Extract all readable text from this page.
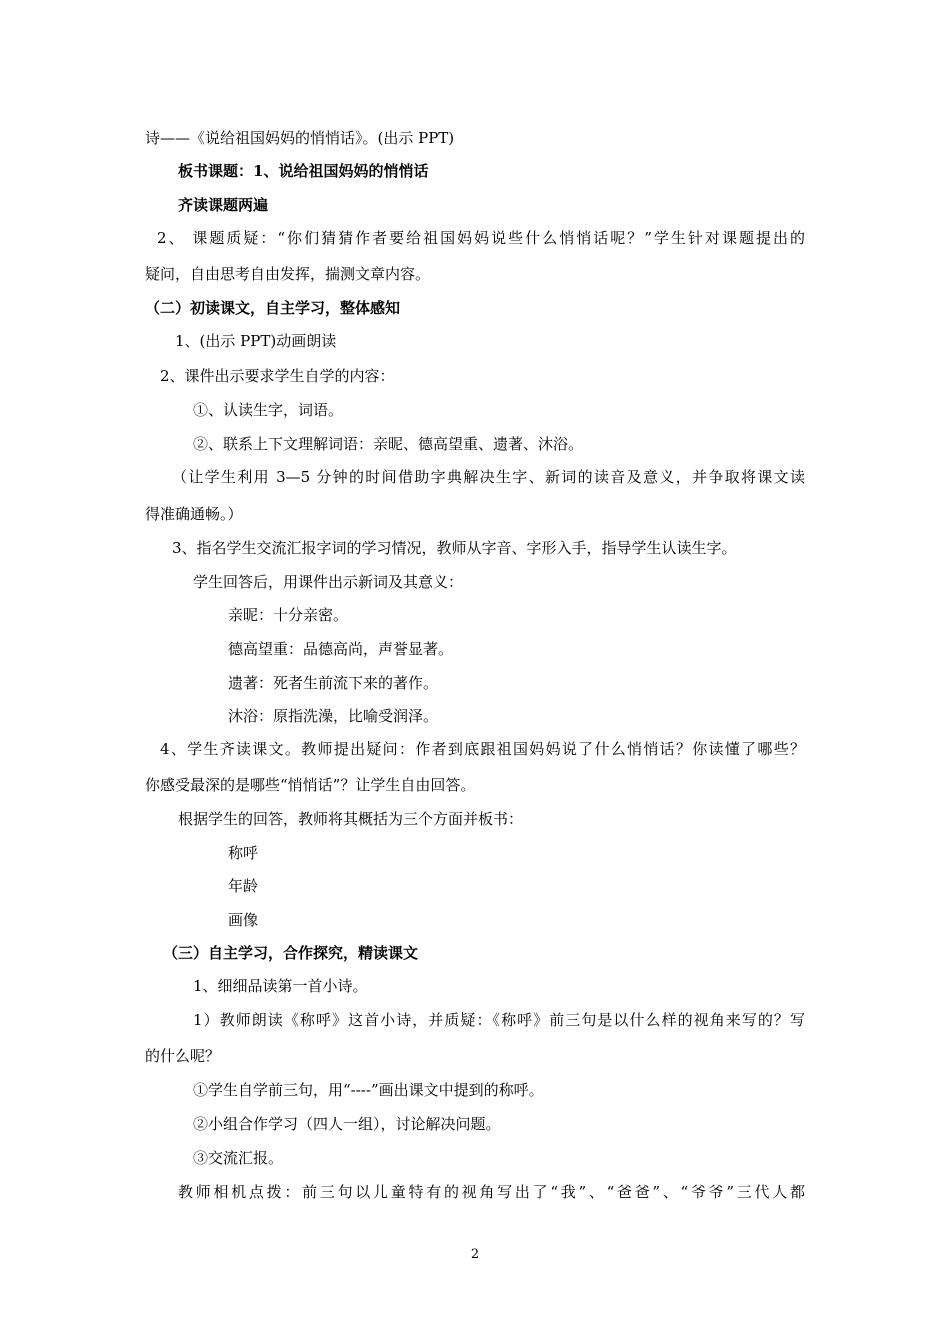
诗——《说给祖国妈妈的悄悄话》。(出示 PPT)
板书课题：1、说给祖国妈妈的悄悄话
齐读课题两遍
2、 课题质疑：“你们猜猜作者要给祖国妈妈说些什么悄悄话呢？”学生针对课题提出的
疑问，自由思考自由发挥，揣测文章内容。
（二）初读课文，自主学习，整体感知
1、(出示 PPT)动画朗读
2、课件出示要求学生自学的内容：
①、认读生字，词语。
②、联系上下文理解词语：亲昵、德高望重、遗著、沐浴。
（让学生利用 3—5 分钟的时间借助字典解决生字、新词的读音及意义，并争取将课文读
得准确通畅。）
3、指名学生交流汇报字词的学习情况，教师从字音、字形入手，指导学生认读生字。
学生回答后，用课件出示新词及其意义：
亲昵：十分亲密。
德高望重：品德高尚，声誉显著。
遗著：死者生前流下来的著作。
沐浴：原指洗澡，比喻受润泽。
4、学生齐读课文。教师提出疑问：作者到底跟祖国妈妈说了什么悄悄话？你读懂了哪些？
你感受最深的是哪些“悄悄话”？让学生自由回答。
根据学生的回答，教师将其概括为三个方面并板书：
称呼
年龄
画像
（三）自主学习，合作探究，精读课文
1、细细品读第一首小诗。
1）教师朗读《称呼》这首小诗，并质疑：《称呼》前三句是以什么样的视角来写的？写
的什么呢？
①学生自学前三句，用“----”画出课文中提到的称呼。
②小组合作学习（四人一组），讨论解决问题。
③交流汇报。
教师相机点拨：前三句以儿童特有的视角写出了“我”、“爸爸”、“爷爷”三代人都
2
